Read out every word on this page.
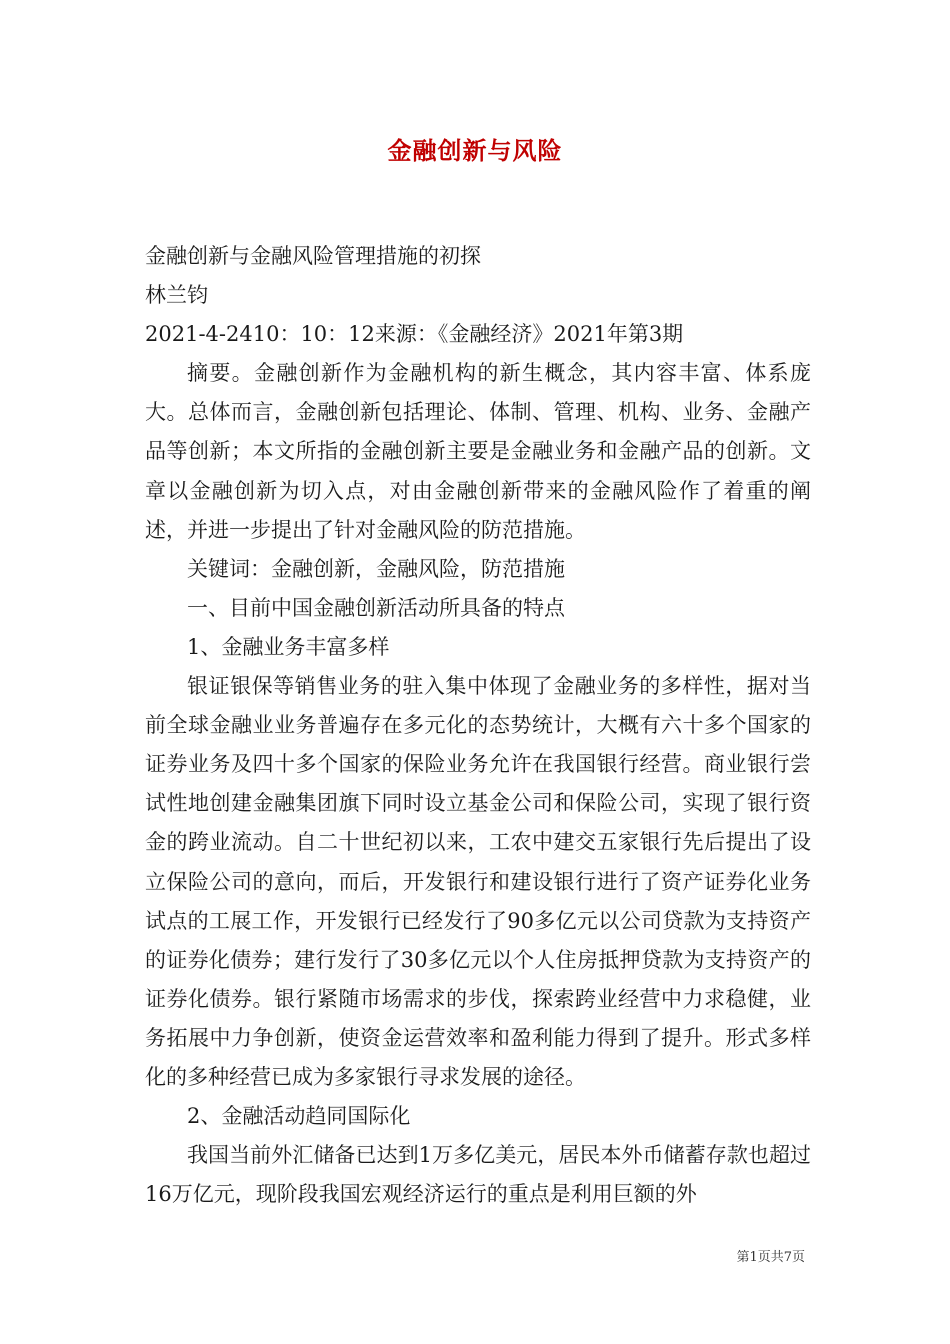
金融创新与风险

金融创新与金融风险管理措施的初探

林兰钧

2021-4-2410：10：12来源：《金融经济》2021年第3期

摘要。金融创新作为金融机构的新生概念，其内容丰富、体系庞大。总体而言，金融创新包括理论、体制、管理、机构、业务、金融产品等创新；本文所指的金融创新主要是金融业务和金融产品的创新。文章以金融创新为切入点，对由金融创新带来的金融风险作了着重的阐述，并进一步提出了针对金融风险的防范措施。

关键词：金融创新，金融风险，防范措施

一、目前中国金融创新活动所具备的特点

1、金融业务丰富多样

银证银保等销售业务的驻入集中体现了金融业务的多样性，据对当前全球金融业业务普遍存在多元化的态势统计，大概有六十多个国家的证券业务及四十多个国家的保险业务允许在我国银行经营。商业银行尝试性地创建金融集团旗下同时设立基金公司和保险公司，实现了银行资金的跨业流动。自二十世纪初以来，工农中建交五家银行先后提出了设立保险公司的意向，而后，开发银行和建设银行进行了资产证券化业务试点的工展工作，开发银行已经发行了90多亿元以公司贷款为支持资产的证券化债券；建行发行了30多亿元以个人住房抵押贷款为支持资产的证券化债券。银行紧随市场需求的步伐，探索跨业经营中力求稳健，业务拓展中力争创新，使资金运营效率和盈利能力得到了提升。形式多样化的多种经营已成为多家银行寻求发展的途径。

2、金融活动趋同国际化

我国当前外汇储备已达到1万多亿美元，居民本外币储蓄存款也超过16万亿元，现阶段我国宏观经济运行的重点是利用巨额的外

第1页共7页
